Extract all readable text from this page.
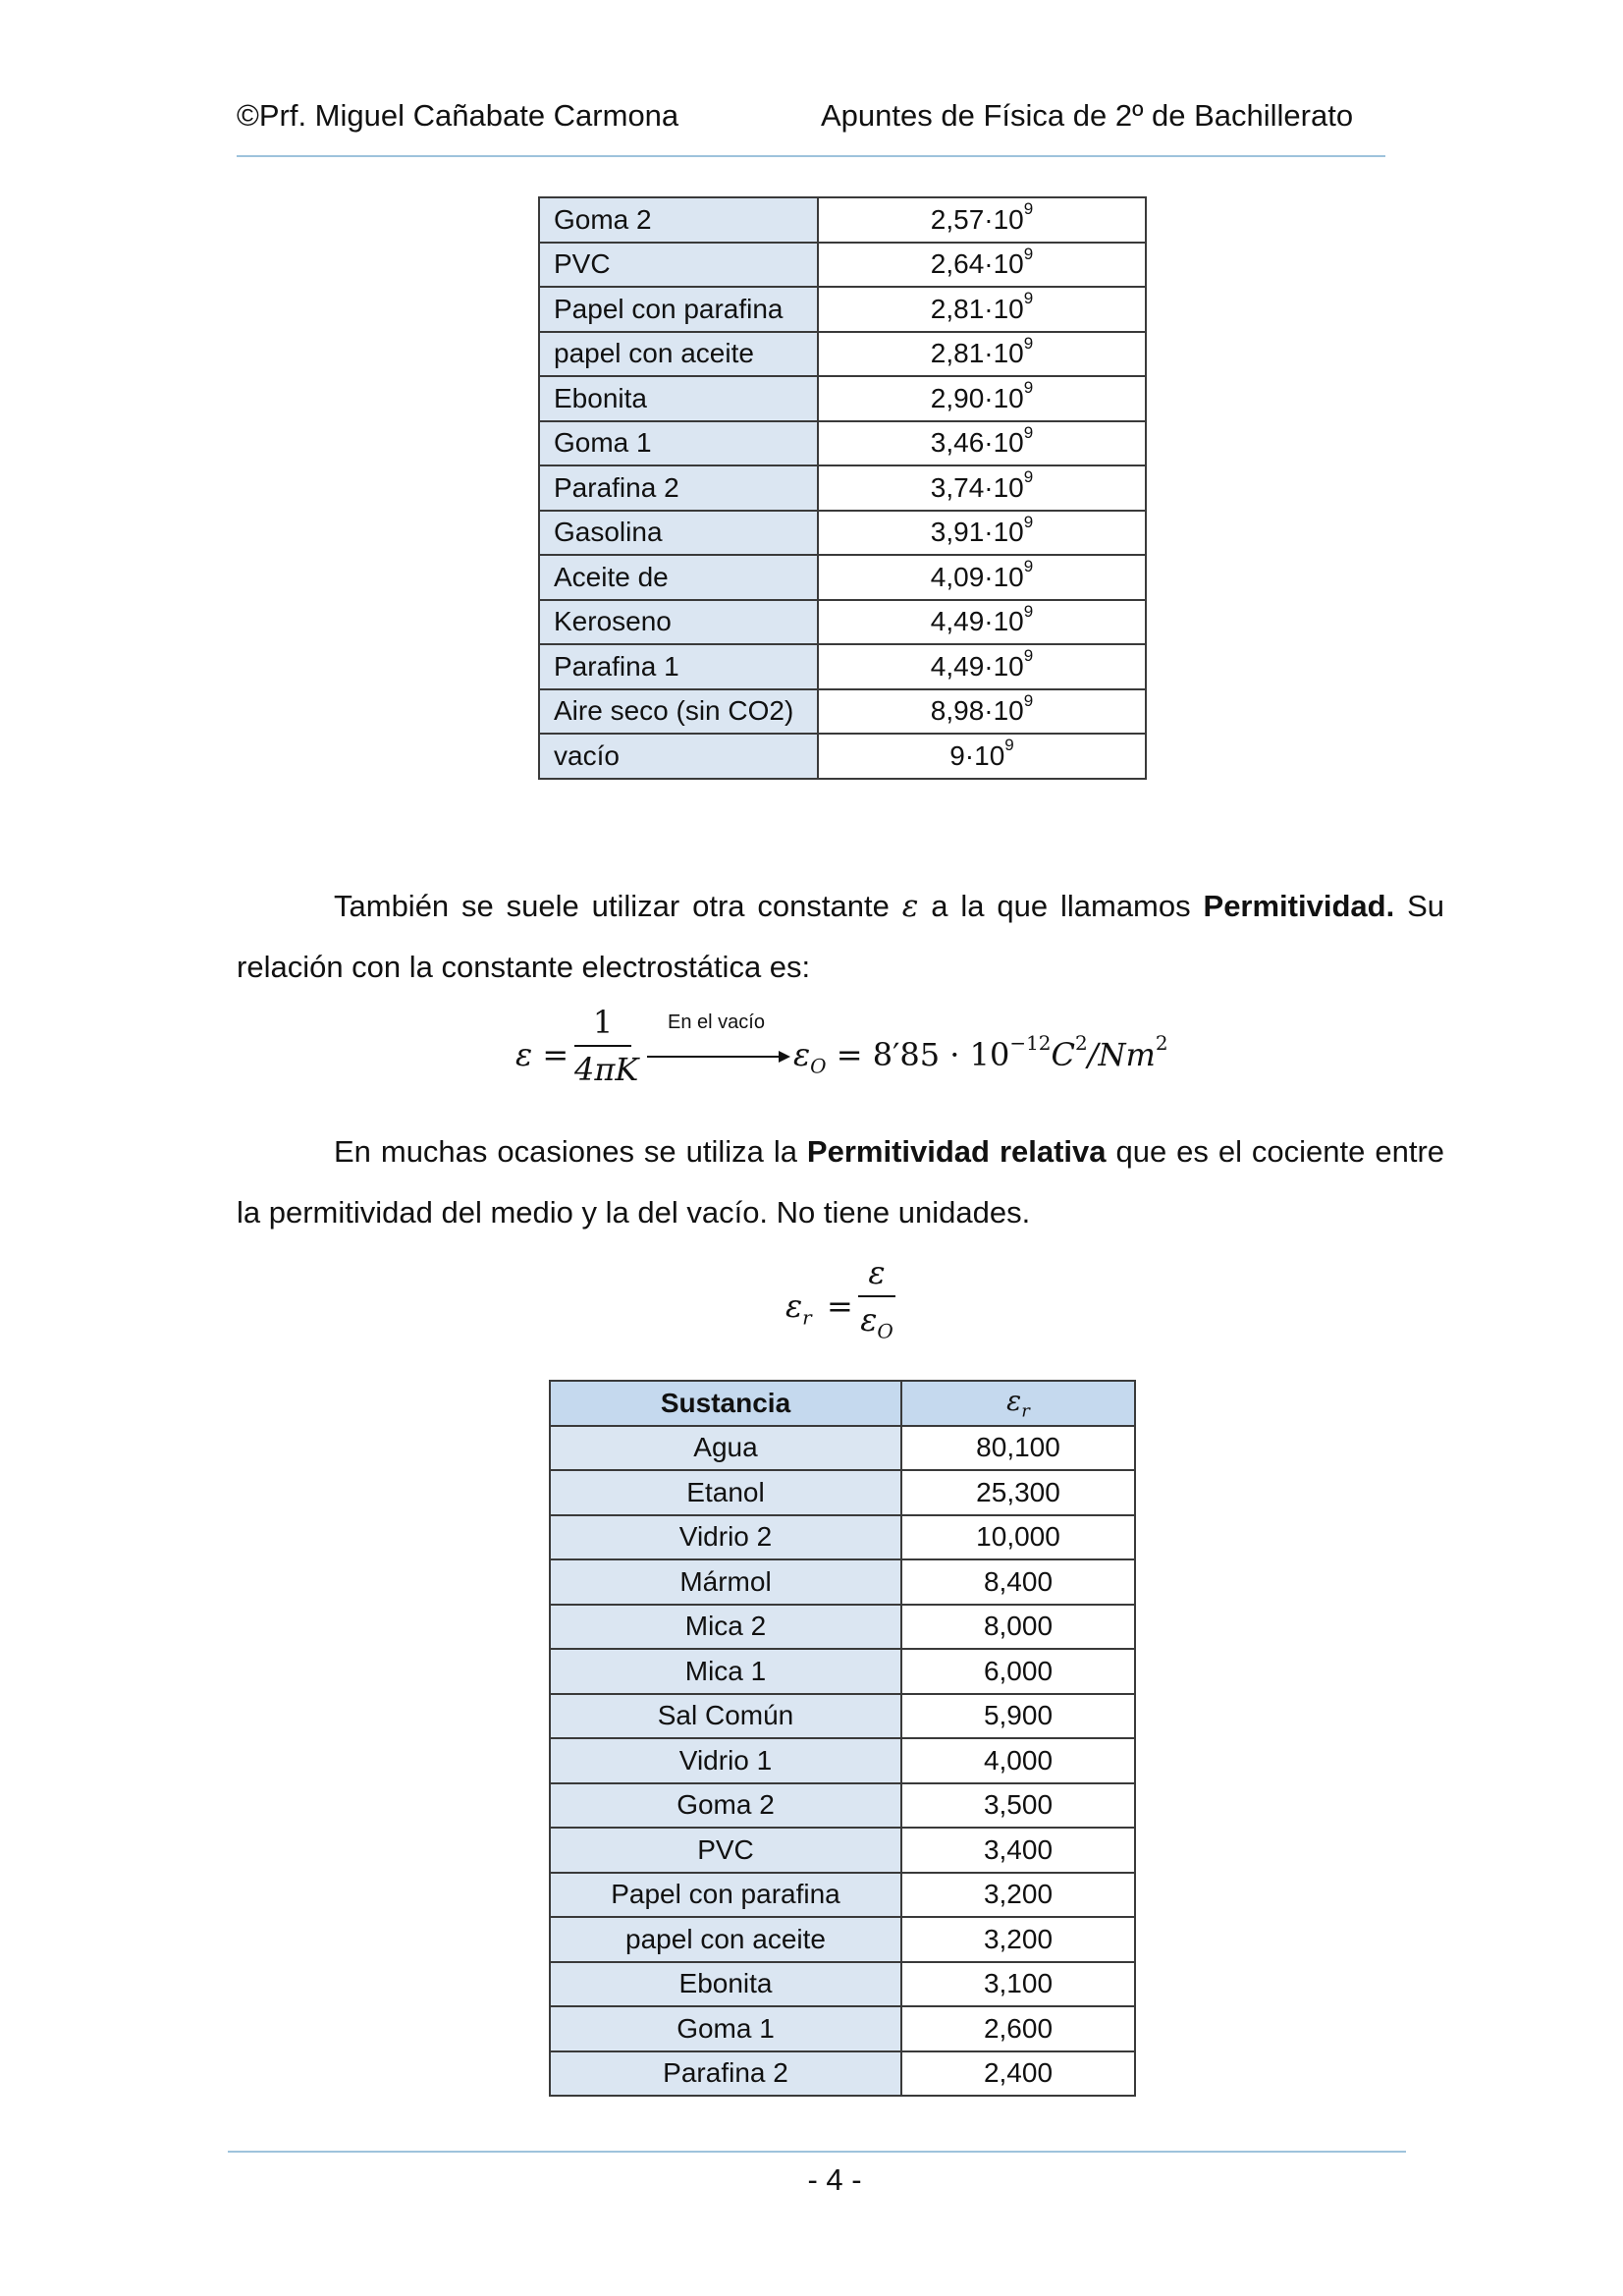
©Prf. Miguel Cañabate Carmona	Apuntes de Física de 2º de Bachillerato
Goma 2	$2,57\cdot 10^9$
PVC	$2,64\cdot 10^9$
Papel con parafina	$2,81\cdot 10^9$
papel con aceite	$2,81\cdot 10^9$
Ebonita	$2,90\cdot 10^9$
Goma 1	$3,46\cdot 10^9$
Parafina 2	$3,74\cdot 10^9$
Gasolina	$3,91\cdot 10^9$
Aceite de	$4,09\cdot 10^9$
Keroseno	$4,49\cdot 10^9$
Parafina 1	$4,49\cdot 10^9$
Aire seco (sin CO2)	$8,98\cdot 10^9$
vacío	$9\cdot 10^9$
También se suele utilizar otra constante ε a la que llamamos Permitividad. Su relación con la constante electrostática es:
ε =
1
4πK
En el vacío
$\varepsilon_O = 8'85 \cdot 10^{-12}C^2/Nm^2$
En muchas ocasiones se utiliza la Permitividad relativa que es el cociente entre la permitividad del medio y la del vacío. No tiene unidades.
$\varepsilon_r$ =
ε
$\varepsilon_O$
Sustancia	$\varepsilon_r$
Agua	80,100
Etanol	25,300
Vidrio 2	10,000
Mármol	8,400
Mica 2	8,000
Mica 1	6,000
Sal Común	5,900
Vidrio 1	4,000
Goma 2	3,500
PVC	3,400
Papel con parafina	3,200
papel con aceite	3,200
Ebonita	3,100
Goma 1	2,600
Parafina 2	2,400
- 4 -
